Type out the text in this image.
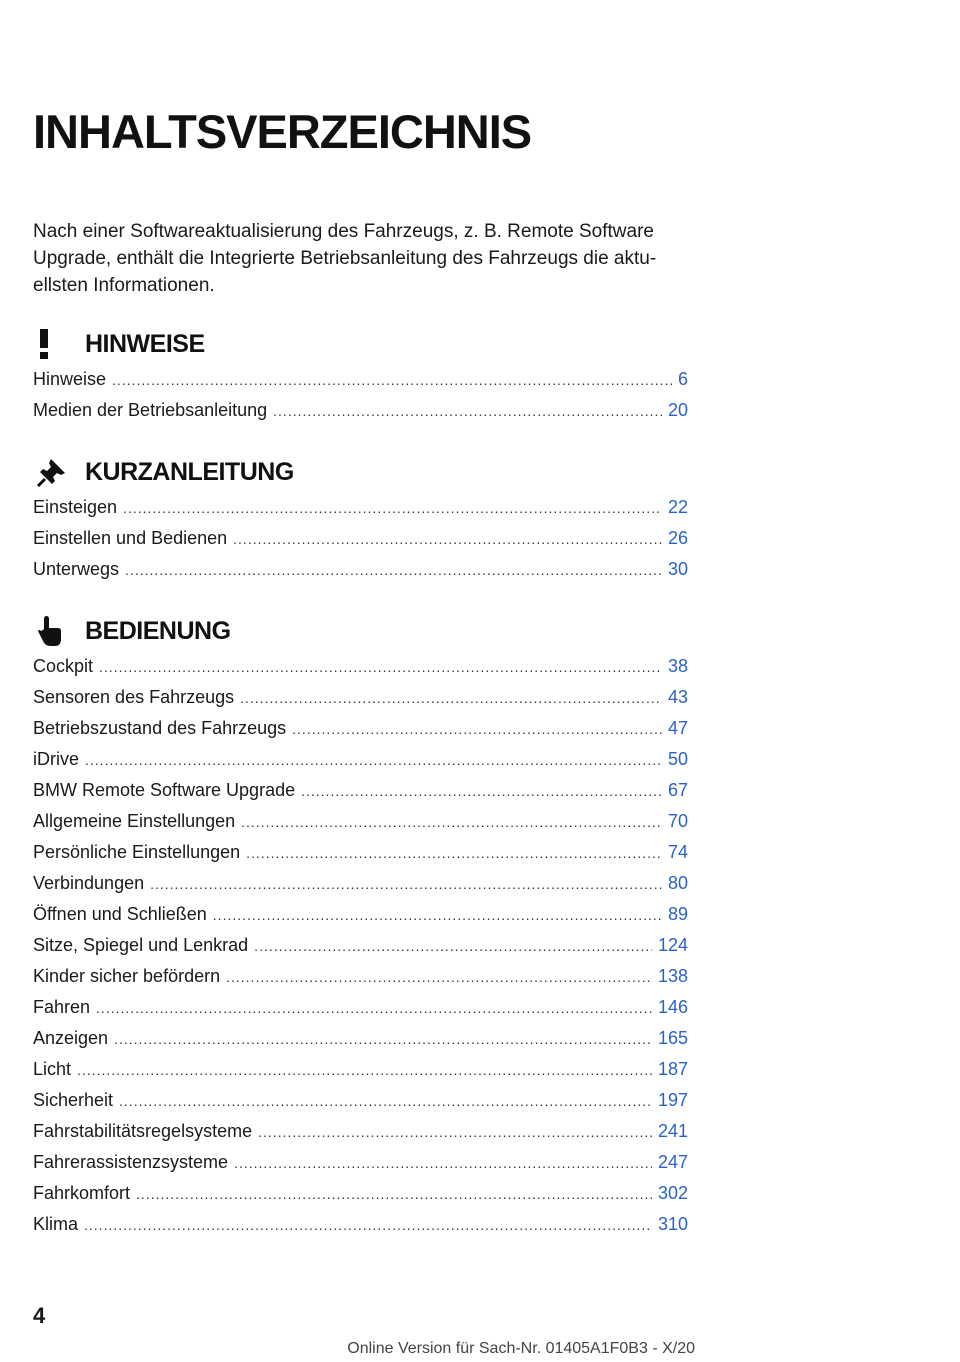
INHALTSVERZEICHNIS

Nach einer Softwareaktualisierung des Fahrzeugs, z. B. Remote Software Upgrade, enthält die Integrierte Betriebsanleitung des Fahrzeugs die aktuellsten Informationen.

HINWEISE
Hinweise .....	6
Medien der Betriebsanleitung .....	20
KURZANLEITUNG
Einsteigen .....	22
Einstellen und Bedienen .....	26
Unterwegs .....	30
BEDIENUNG
Cockpit .....	38
Sensoren des Fahrzeugs .....	43
Betriebszustand des Fahrzeugs .....	47
iDrive .....	50
BMW Remote Software Upgrade .....	67
Allgemeine Einstellungen .....	70
Persönliche Einstellungen .....	74
Verbindungen .....	80
Öffnen und Schließen .....	89
Sitze, Spiegel und Lenkrad .....	124
Kinder sicher befördern .....	138
Fahren .....	146
Anzeigen .....	165
Licht .....	187
Sicherheit .....	197
Fahrstabilitätsregelsysteme .....	241
Fahrerassistenzsysteme .....	247
Fahrkomfort .....	302
Klima .....	310

4

Online Version für Sach-Nr. 01405A1F0B3 - X/20
